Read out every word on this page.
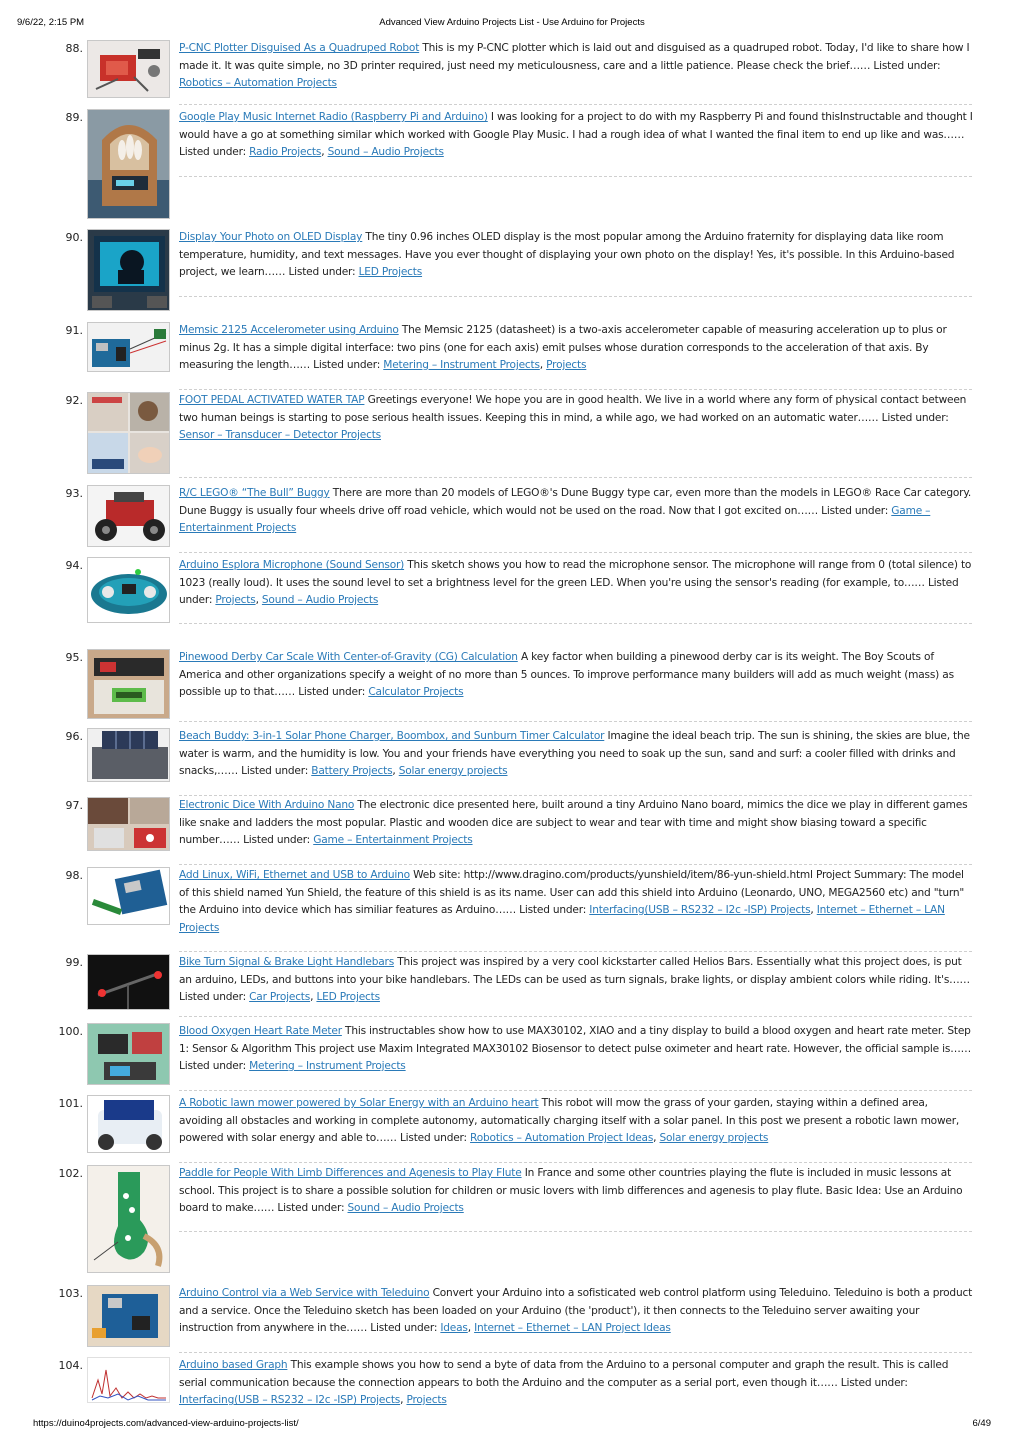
9/6/22, 2:15 PM	Advanced View Arduino Projects List - Use Arduino for Projects
88.	P-CNC Plotter Disguised As a Quadruped Robot This is my P-CNC plotter which is laid out and disguised as a quadruped robot. Today, I'd like to share how I made it. It was quite simple, no 3D printer required, just need my meticulousness, care and a little patience. Please check the brief…… Listed under: Robotics – Automation Projects
89.	Google Play Music Internet Radio (Raspberry Pi and Arduino) I was looking for a project to do with my Raspberry Pi and found thisInstructable and thought I would have a go at something similar which worked with Google Play Music. I had a rough idea of what I wanted the final item to end up like and was…… Listed under: Radio Projects, Sound – Audio Projects
90.	Display Your Photo on OLED Display The tiny 0.96 inches OLED display is the most popular among the Arduino fraternity for displaying data like room temperature, humidity, and text messages. Have you ever thought of displaying your own photo on the display! Yes, it's possible. In this Arduino-based project, we learn…… Listed under: LED Projects
91.	Memsic 2125 Accelerometer using Arduino The Memsic 2125 (datasheet) is a two-axis accelerometer capable of measuring acceleration up to plus or minus 2g. It has a simple digital interface: two pins (one for each axis) emit pulses whose duration corresponds to the acceleration of that axis. By measuring the length…… Listed under: Metering – Instrument Projects, Projects
92.	FOOT PEDAL ACTIVATED WATER TAP Greetings everyone! We hope you are in good health. We live in a world where any form of physical contact between two human beings is starting to pose serious health issues. Keeping this in mind, a while ago, we had worked on an automatic water…… Listed under: Sensor – Transducer – Detector Projects
93.	R/C LEGO® “The Bull” Buggy There are more than 20 models of LEGO®'s Dune Buggy type car, even more than the models in LEGO® Race Car category. Dune Buggy is usually four wheels drive off road vehicle, which would not be used on the road. Now that I got excited on…… Listed under: Game – Entertainment Projects
94.	Arduino Esplora Microphone (Sound Sensor) This sketch shows you how to read the microphone sensor. The microphone will range from 0 (total silence) to 1023 (really loud). It uses the sound level to set a brightness level for the green LED. When you're using the sensor's reading (for example, to…… Listed under: Projects, Sound – Audio Projects
95.	Pinewood Derby Car Scale With Center-of-Gravity (CG) Calculation A key factor when building a pinewood derby car is its weight. The Boy Scouts of America and other organizations specify a weight of no more than 5 ounces. To improve performance many builders will add as much weight (mass) as possible up to that…… Listed under: Calculator Projects
96.	Beach Buddy: 3-in-1 Solar Phone Charger, Boombox, and Sunburn Timer Calculator Imagine the ideal beach trip. The sun is shining, the skies are blue, the water is warm, and the humidity is low. You and your friends have everything you need to soak up the sun, sand and surf: a cooler filled with drinks and snacks,…… Listed under: Battery Projects, Solar energy projects
97.	Electronic Dice With Arduino Nano The electronic dice presented here, built around a tiny Arduino Nano board, mimics the dice we play in different games like snake and ladders the most popular. Plastic and wooden dice are subject to wear and tear with time and might show biasing toward a specific number…… Listed under: Game – Entertainment Projects
98.	Add Linux, WiFi, Ethernet and USB to Arduino Web site: http://www.dragino.com/products/yunshield/item/86-yun-shield.html Project Summary: The model of this shield named Yun Shield, the feature of this shield is as its name. User can add this shield into Arduino (Leonardo, UNO, MEGA2560 etc) and "turn" the Arduino into device which has similiar features as Arduino…… Listed under: Interfacing(USB – RS232 – I2c -ISP) Projects, Internet – Ethernet – LAN Projects
99.	Bike Turn Signal & Brake Light Handlebars This project was inspired by a very cool kickstarter called Helios Bars. Essentially what this project does, is put an arduino, LEDs, and buttons into your bike handlebars. The LEDs can be used as turn signals, brake lights, or display ambient colors while riding. It's…… Listed under: Car Projects, LED Projects
100.	Blood Oxygen Heart Rate Meter This instructables show how to use MAX30102, XIAO and a tiny display to build a blood oxygen and heart rate meter. Step 1: Sensor & Algorithm This project use Maxim Integrated MAX30102 Biosensor to detect pulse oximeter and heart rate. However, the official sample is…… Listed under: Metering – Instrument Projects
101.	A Robotic lawn mower powered by Solar Energy with an Arduino heart This robot will mow the grass of your garden, staying within a defined area, avoiding all obstacles and working in complete autonomy, automatically charging itself with a solar panel. In this post we present a robotic lawn mower, powered with solar energy and able to…… Listed under: Robotics – Automation Project Ideas, Solar energy projects
102.	Paddle for People With Limb Differences and Agenesis to Play Flute In France and some other countries playing the flute is included in music lessons at school. This project is to share a possible solution for children or music lovers with limb differences and agenesis to play flute. Basic Idea: Use an Arduino board to make…… Listed under: Sound – Audio Projects
103.	Arduino Control via a Web Service with Teleduino Convert your Arduino into a sofisticated web control platform using Teleduino. Teleduino is both a product and a service. Once the Teleduino sketch has been loaded on your Arduino (the 'product'), it then connects to the Teleduino server awaiting your instruction from anywhere in the…… Listed under: Ideas, Internet – Ethernet – LAN Project Ideas
104.	Arduino based Graph This example shows you how to send a byte of data from the Arduino to a personal computer and graph the result. This is called serial communication because the connection appears to both the Arduino and the computer as a serial port, even though it…… Listed under: Interfacing(USB – RS232 – I2c -ISP) Projects, Projects
https://duino4projects.com/advanced-view-arduino-projects-list/	6/49
